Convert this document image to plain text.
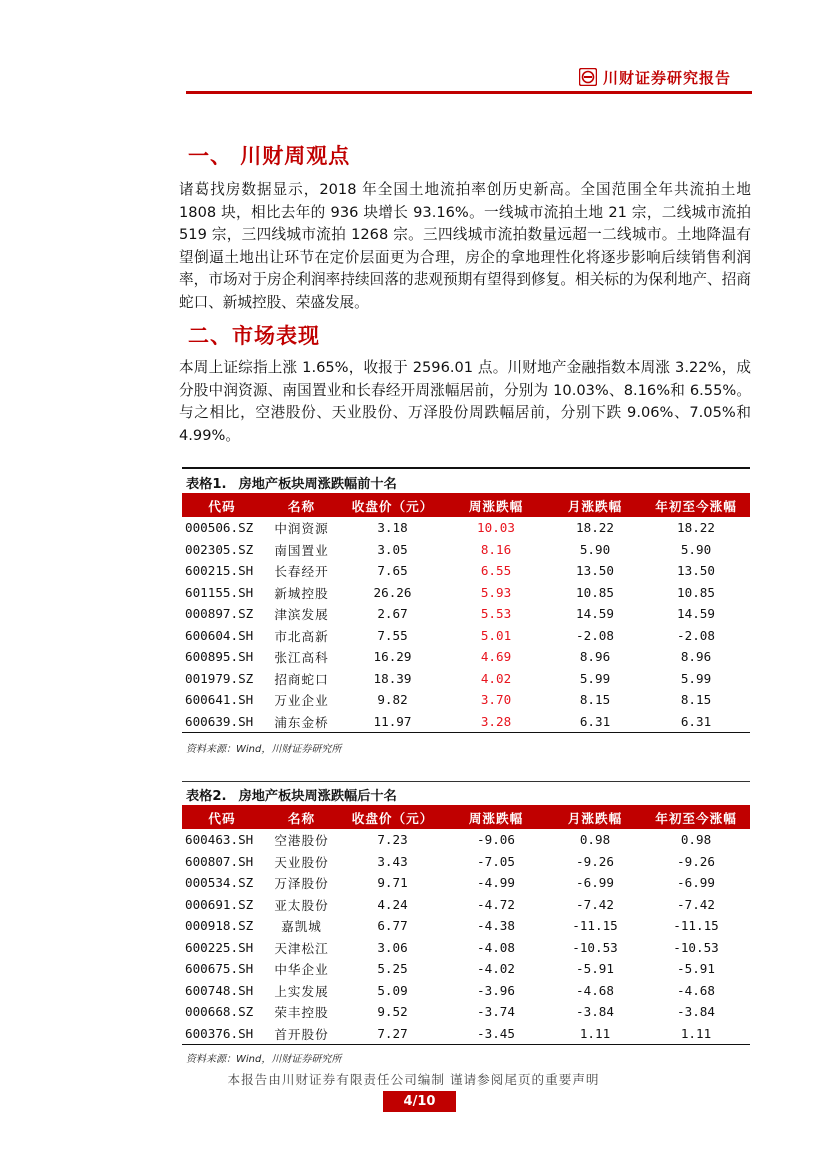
川财证券研究报告
一、 川财周观点
诸葛找房数据显示，2018 年全国土地流拍率创历史新高。全国范围全年共流拍土地 1808 块，相比去年的 936 块增长 93.16%。一线城市流拍土地 21 宗，二线城市流拍 519 宗，三四线城市流拍 1268 宗。三四线城市流拍数量远超一二线城市。土地降温有望倒逼土地出让环节在定价层面更为合理，房企的拿地理性化将逐步影响后续销售利润率，市场对于房企利润率持续回落的悲观预期有望得到修复。相关标的为保利地产、招商蛇口、新城控股、荣盛发展。
二、市场表现
本周上证综指上涨 1.65%，收报于 2596.01 点。川财地产金融指数本周涨 3.22%，成分股中润资源、南国置业和长春经开周涨幅居前，分别为 10.03%、8.16%和 6.55%。与之相比，空港股份、天业股份、万泽股份周跌幅居前，分别下跌 9.06%、7.05%和 4.99%。
表格1. 房地产板块周涨跌幅前十名
代码	名称	收盘价（元）	周涨跌幅	月涨跌幅	年初至今涨幅
000506.SZ	中润资源	3.18	10.03	18.22	18.22
002305.SZ	南国置业	3.05	8.16	5.90	5.90
600215.SH	长春经开	7.65	6.55	13.50	13.50
601155.SH	新城控股	26.26	5.93	10.85	10.85
000897.SZ	津滨发展	2.67	5.53	14.59	14.59
600604.SH	市北高新	7.55	5.01	-2.08	-2.08
600895.SH	张江高科	16.29	4.69	8.96	8.96
001979.SZ	招商蛇口	18.39	4.02	5.99	5.99
600641.SH	万业企业	9.82	3.70	8.15	8.15
600639.SH	浦东金桥	11.97	3.28	6.31	6.31
资料来源：Wind，川财证券研究所
表格2. 房地产板块周涨跌幅后十名
代码	名称	收盘价（元）	周涨跌幅	月涨跌幅	年初至今涨幅
600463.SH	空港股份	7.23	-9.06	0.98	0.98
600807.SH	天业股份	3.43	-7.05	-9.26	-9.26
000534.SZ	万泽股份	9.71	-4.99	-6.99	-6.99
000691.SZ	亚太股份	4.24	-4.72	-7.42	-7.42
000918.SZ	嘉凯城	6.77	-4.38	-11.15	-11.15
600225.SH	天津松江	3.06	-4.08	-10.53	-10.53
600675.SH	中华企业	5.25	-4.02	-5.91	-5.91
600748.SH	上实发展	5.09	-3.96	-4.68	-4.68
000668.SZ	荣丰控股	9.52	-3.74	-3.84	-3.84
600376.SH	首开股份	7.27	-3.45	1.11	1.11
资料来源：Wind，川财证券研究所
本报告由川财证券有限责任公司编制 谨请参阅尾页的重要声明
4/10
